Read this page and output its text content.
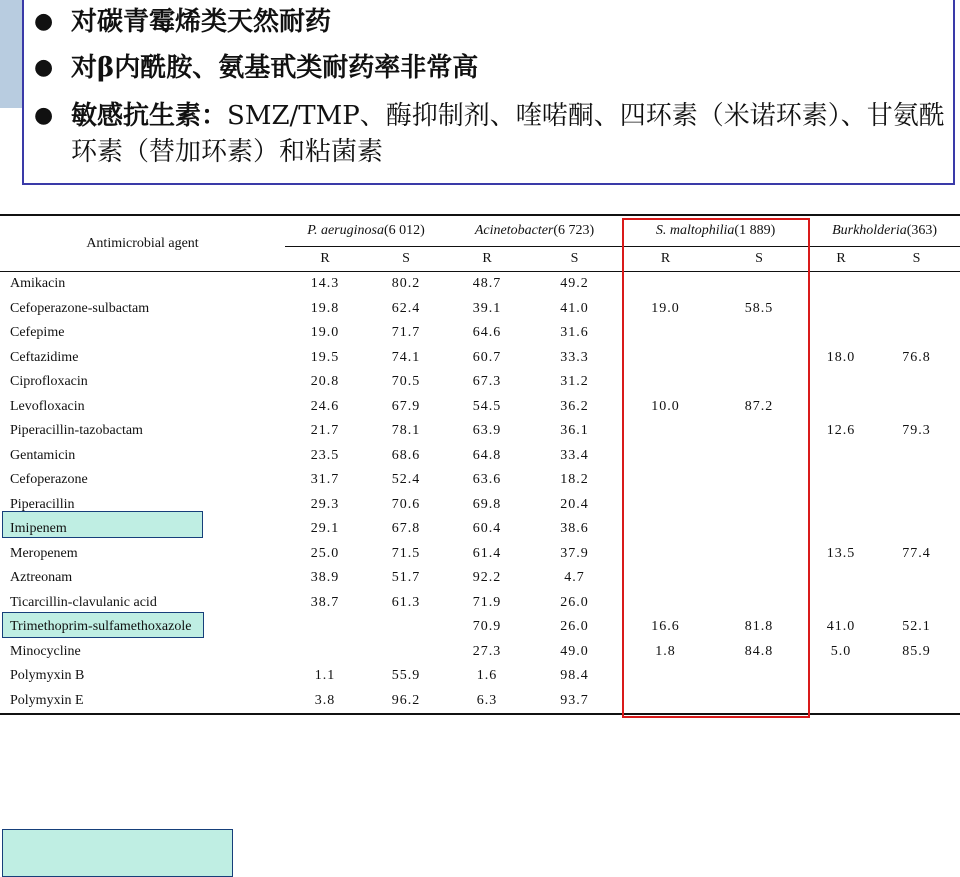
● 对碳青霉烯类天然耐药
● 对β内酰胺、氨基甙类耐药率非常高
● 敏感抗生素：SMZ/TMP、酶抑制剂、喹喏酮、四环素（米诺环素）、甘氨酰环素（替加环素）和粘菌素
Antimicrobial agent	P. aeruginosa(6 012)		Acinetobacter(6 723)		S. maltophilia(1 889)		Burkholderia(363)	
	R	S	R	S	R	S	R	S
Amikacin	14.3	80.2	48.7	49.2				
Cefoperazone-sulbactam	19.8	62.4	39.1	41.0	19.0	58.5		
Cefepime	19.0	71.7	64.6	31.6				
Ceftazidime	19.5	74.1	60.7	33.3			18.0	76.8
Ciprofloxacin	20.8	70.5	67.3	31.2				
Levofloxacin	24.6	67.9	54.5	36.2	10.0	87.2		
Piperacillin-tazobactam	21.7	78.1	63.9	36.1			12.6	79.3
Gentamicin	23.5	68.6	64.8	33.4				
Cefoperazone	31.7	52.4	63.6	18.2				
Piperacillin	29.3	70.6	69.8	20.4				
Imipenem	29.1	67.8	60.4	38.6				
Meropenem	25.0	71.5	61.4	37.9			13.5	77.4
Aztreonam	38.9	51.7	92.2	4.7				
Ticarcillin-clavulanic acid	38.7	61.3	71.9	26.0				
Trimethoprim-sulfamethoxazole			70.9	26.0	16.6	81.8	41.0	52.1
Minocycline			27.3	49.0	1.8	84.8	5.0	85.9
Polymyxin B	1.1	55.9	1.6	98.4				
Polymyxin E	3.8	96.2	6.3	93.7				
